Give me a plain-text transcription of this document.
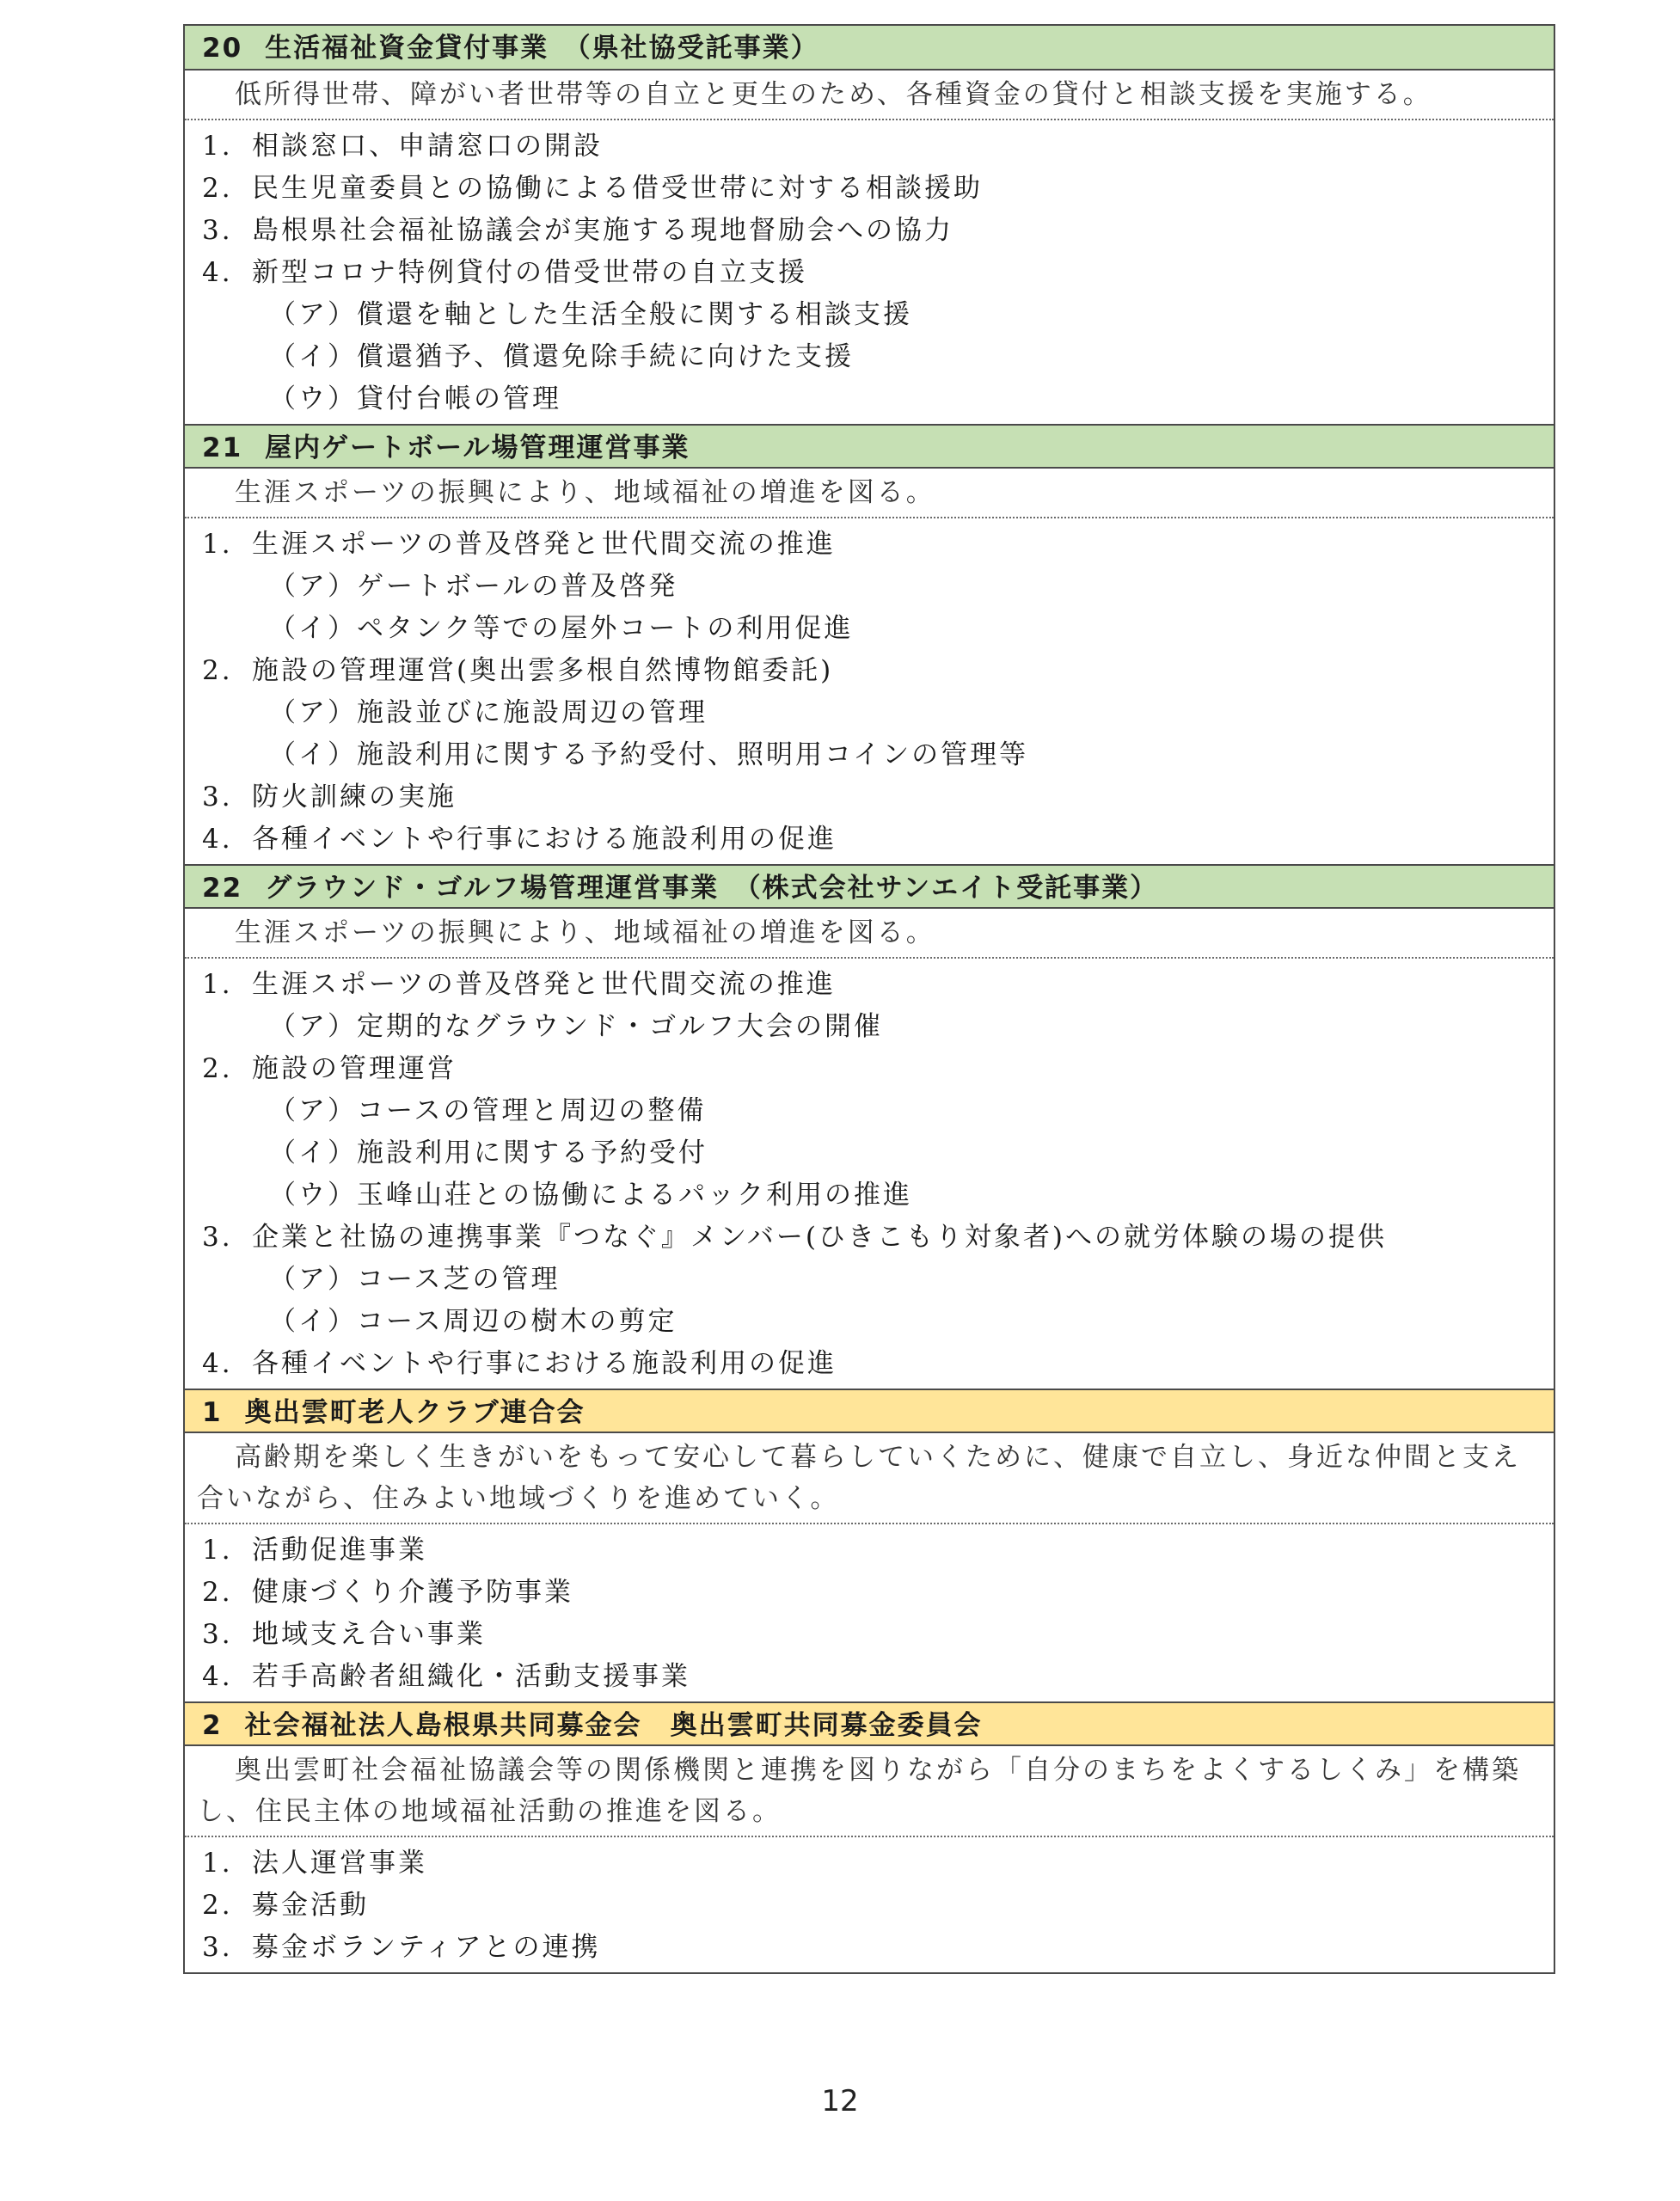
20 生活福祉資金貸付事業　（県社協受託事業）
低所得世帯、障がい者世帯等の自立と更生のため、各種資金の貸付と相談支援を実施する。
1. 相談窓口、申請窓口の開設
2. 民生児童委員との協働による借受世帯に対する相談援助
3. 島根県社会福祉協議会が実施する現地督励会への協力
4. 新型コロナ特例貸付の借受世帯の自立支援
（ア）償還を軸とした生活全般に関する相談支援
（イ）償還猶予、償還免除手続に向けた支援
（ウ）貸付台帳の管理
21 屋内ゲートボール場管理運営事業
生涯スポーツの振興により、地域福祉の増進を図る。
1. 生涯スポーツの普及啓発と世代間交流の推進
（ア）ゲートボールの普及啓発
（イ）ペタンク等での屋外コートの利用促進
2. 施設の管理運営(奥出雲多根自然博物館委託)
（ア）施設並びに施設周辺の管理
（イ）施設利用に関する予約受付、照明用コインの管理等
3. 防火訓練の実施
4. 各種イベントや行事における施設利用の促進
22 グラウンド・ゴルフ場管理運営事業　（株式会社サンエイト受託事業）
生涯スポーツの振興により、地域福祉の増進を図る。
1. 生涯スポーツの普及啓発と世代間交流の推進
（ア）定期的なグラウンド・ゴルフ大会の開催
2. 施設の管理運営
（ア）コースの管理と周辺の整備
（イ）施設利用に関する予約受付
（ウ）玉峰山荘との協働によるパック利用の推進
3. 企業と社協の連携事業『つなぐ』メンバー(ひきこもり対象者)への就労体験の場の提供
（ア）コース芝の管理
（イ）コース周辺の樹木の剪定
4. 各種イベントや行事における施設利用の促進
1 奥出雲町老人クラブ連合会
高齢期を楽しく生きがいをもって安心して暮らしていくために、健康で自立し、身近な仲間と支え合いながら、住みよい地域づくりを進めていく。
1. 活動促進事業
2. 健康づくり介護予防事業
3. 地域支え合い事業
4. 若手高齢者組織化・活動支援事業
2 社会福祉法人島根県共同募金会　奥出雲町共同募金委員会
奥出雲町社会福祉協議会等の関係機関と連携を図りながら「自分のまちをよくするしくみ」を構築し、住民主体の地域福祉活動の推進を図る。
1. 法人運営事業
2. 募金活動
3. 募金ボランティアとの連携
12
